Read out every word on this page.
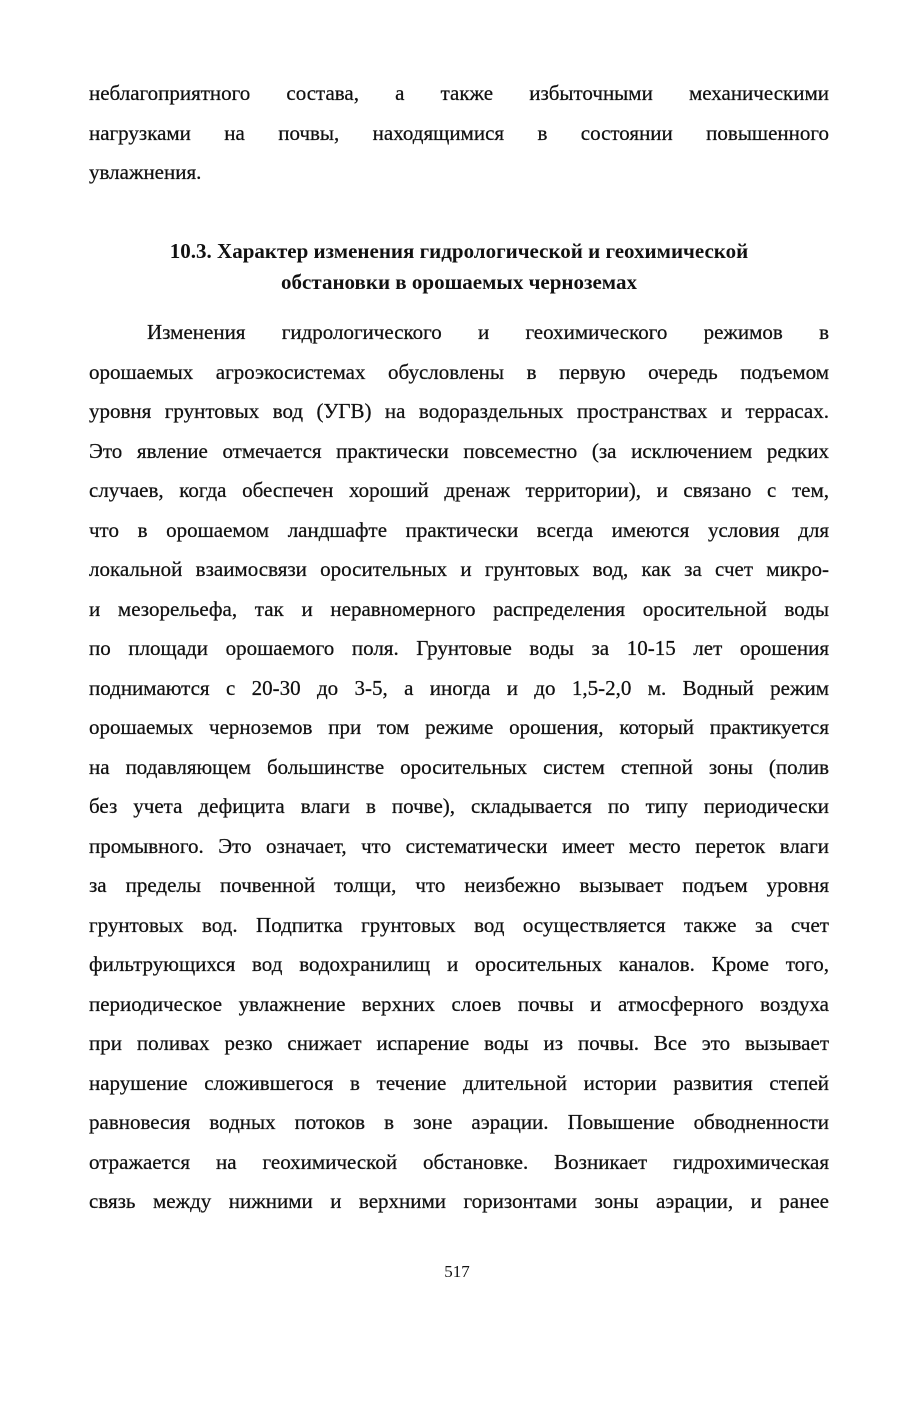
неблагоприятного состава, а также избыточными механическими
нагрузками на почвы, находящимися в состоянии повышенного
увлажнения.
10.3. Характер изменения гидрологической и геохимической
обстановки в орошаемых черноземах
Изменения гидрологического и геохимического режимов в
орошаемых агроэкосистемах обусловлены в первую очередь подъемом
уровня грунтовых вод (УГВ) на водораздельных пространствах и террасах.
Это явление отмечается практически повсеместно (за исключением редких
случаев, когда обеспечен хороший дренаж территории), и связано с тем,
что в орошаемом ландшафте практически всегда имеются условия для
локальной взаимосвязи оросительных и грунтовых вод, как за счет микро-
и мезорельефа, так и неравномерного распределения оросительной воды
по площади орошаемого поля. Грунтовые воды за 10-15 лет орошения
поднимаются с 20-30 до 3-5, а иногда и до 1,5-2,0 м. Водный режим
орошаемых черноземов при том режиме орошения, который практикуется
на подавляющем большинстве оросительных систем степной зоны (полив
без учета дефицита влаги в почве), складывается по типу периодически
промывного. Это означает, что систематически имеет место переток влаги
за пределы почвенной толщи, что неизбежно вызывает подъем уровня
грунтовых вод. Подпитка грунтовых вод осуществляется также за счет
фильтрующихся вод водохранилищ и оросительных каналов. Кроме того,
периодическое увлажнение верхних слоев почвы и атмосферного воздуха
при поливах резко снижает испарение воды из почвы. Все это вызывает
нарушение сложившегося в течение длительной истории развития степей
равновесия водных потоков в зоне аэрации. Повышение обводненности
отражается на геохимической обстановке. Возникает гидрохимическая
связь между нижними и верхними горизонтами зоны аэрации, и ранее
517
